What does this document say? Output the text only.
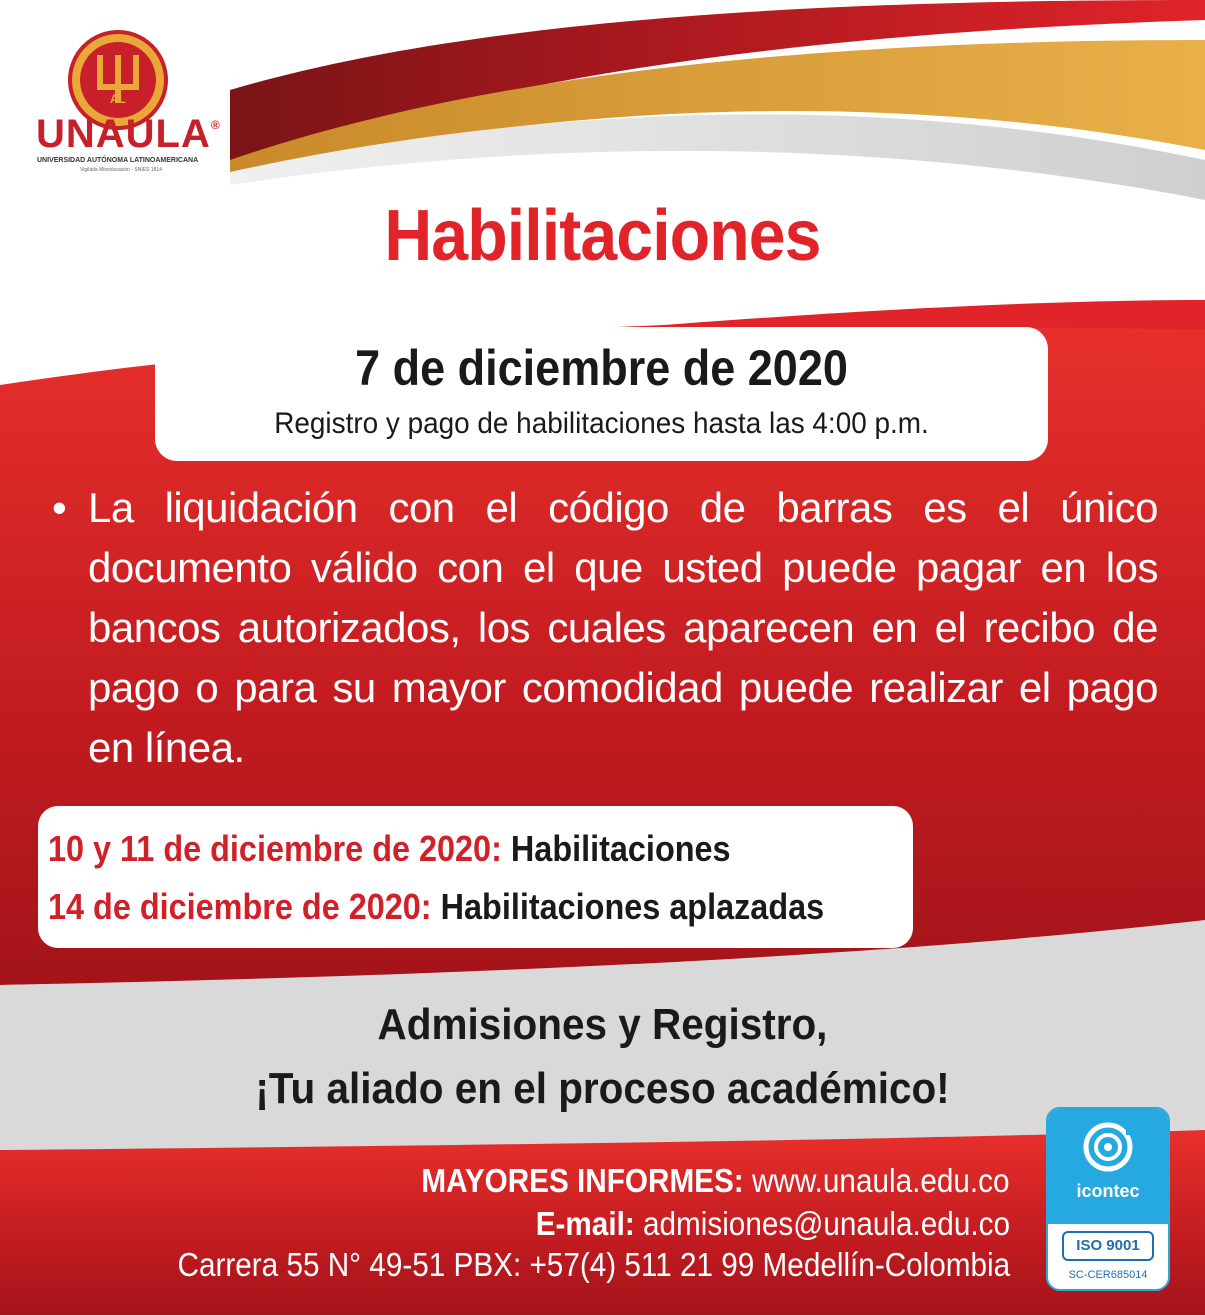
AL
UNAULA®
UNIVERSIDAD AUTÓNOMA LATINOAMERICANA
Vigilada Mineducación - SNIES 1814
Habilitaciones
7 de diciembre de 2020
Registro y pago de habilitaciones hasta las 4:00 p.m.
• La liquidación con el código de barras es el único documento válido con el que usted puede pagar en los bancos autorizados, los cuales aparecen en el recibo de pago o para su mayor comodidad puede realizar el pago en línea.
10 y 11 de diciembre de 2020: Habilitaciones
14 de diciembre de 2020: Habilitaciones aplazadas
Admisiones y Registro,
¡Tu aliado en el proceso académico!
MAYORES INFORMES: www.unaula.edu.co
E-mail: admisiones@unaula.edu.co
Carrera 55 N° 49-51 PBX: +57(4) 511 21 99 Medellín-Colombia
icontec
ISO 9001
SC-CER685014
